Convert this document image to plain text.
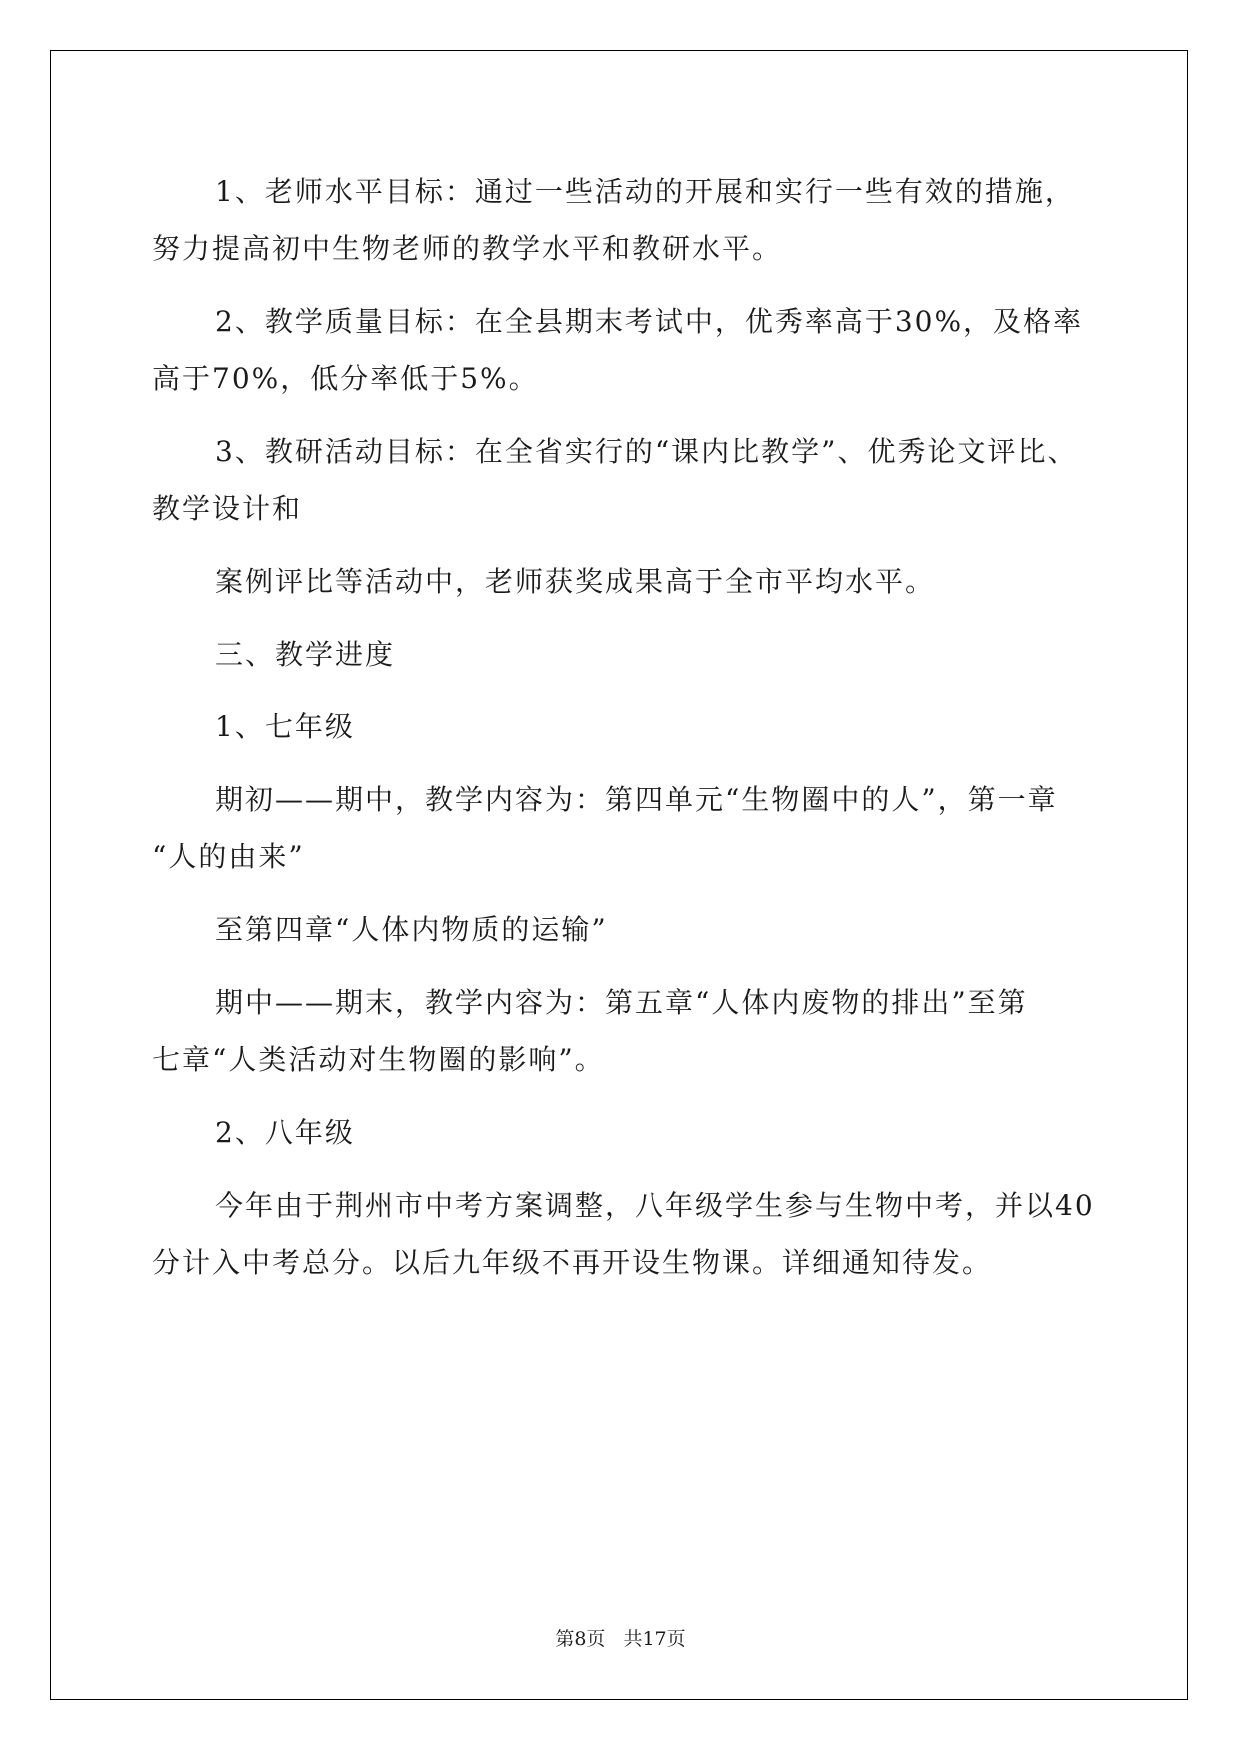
1、老师水平目标：通过一些活动的开展和实行一些有效的措施，

努力提高初中生物老师的教学水平和教研水平。

2、教学质量目标：在全县期末考试中，优秀率高于30%，及格率

高于70%，低分率低于5%。

3、教研活动目标：在全省实行的“课内比教学”、优秀论文评比、

教学设计和

案例评比等活动中，老师获奖成果高于全市平均水平。

三、教学进度

1、七年级

期初——期中，教学内容为：第四单元“生物圈中的人”，第一章

“人的由来”

至第四章“人体内物质的运输”

期中——期末，教学内容为：第五章“人体内废物的排出”至第

七章“人类活动对生物圈的影响”。

2、八年级

今年由于荆州市中考方案调整，八年级学生参与生物中考，并以40

分计入中考总分。以后九年级不再开设生物课。详细通知待发。

第8页 共17页
